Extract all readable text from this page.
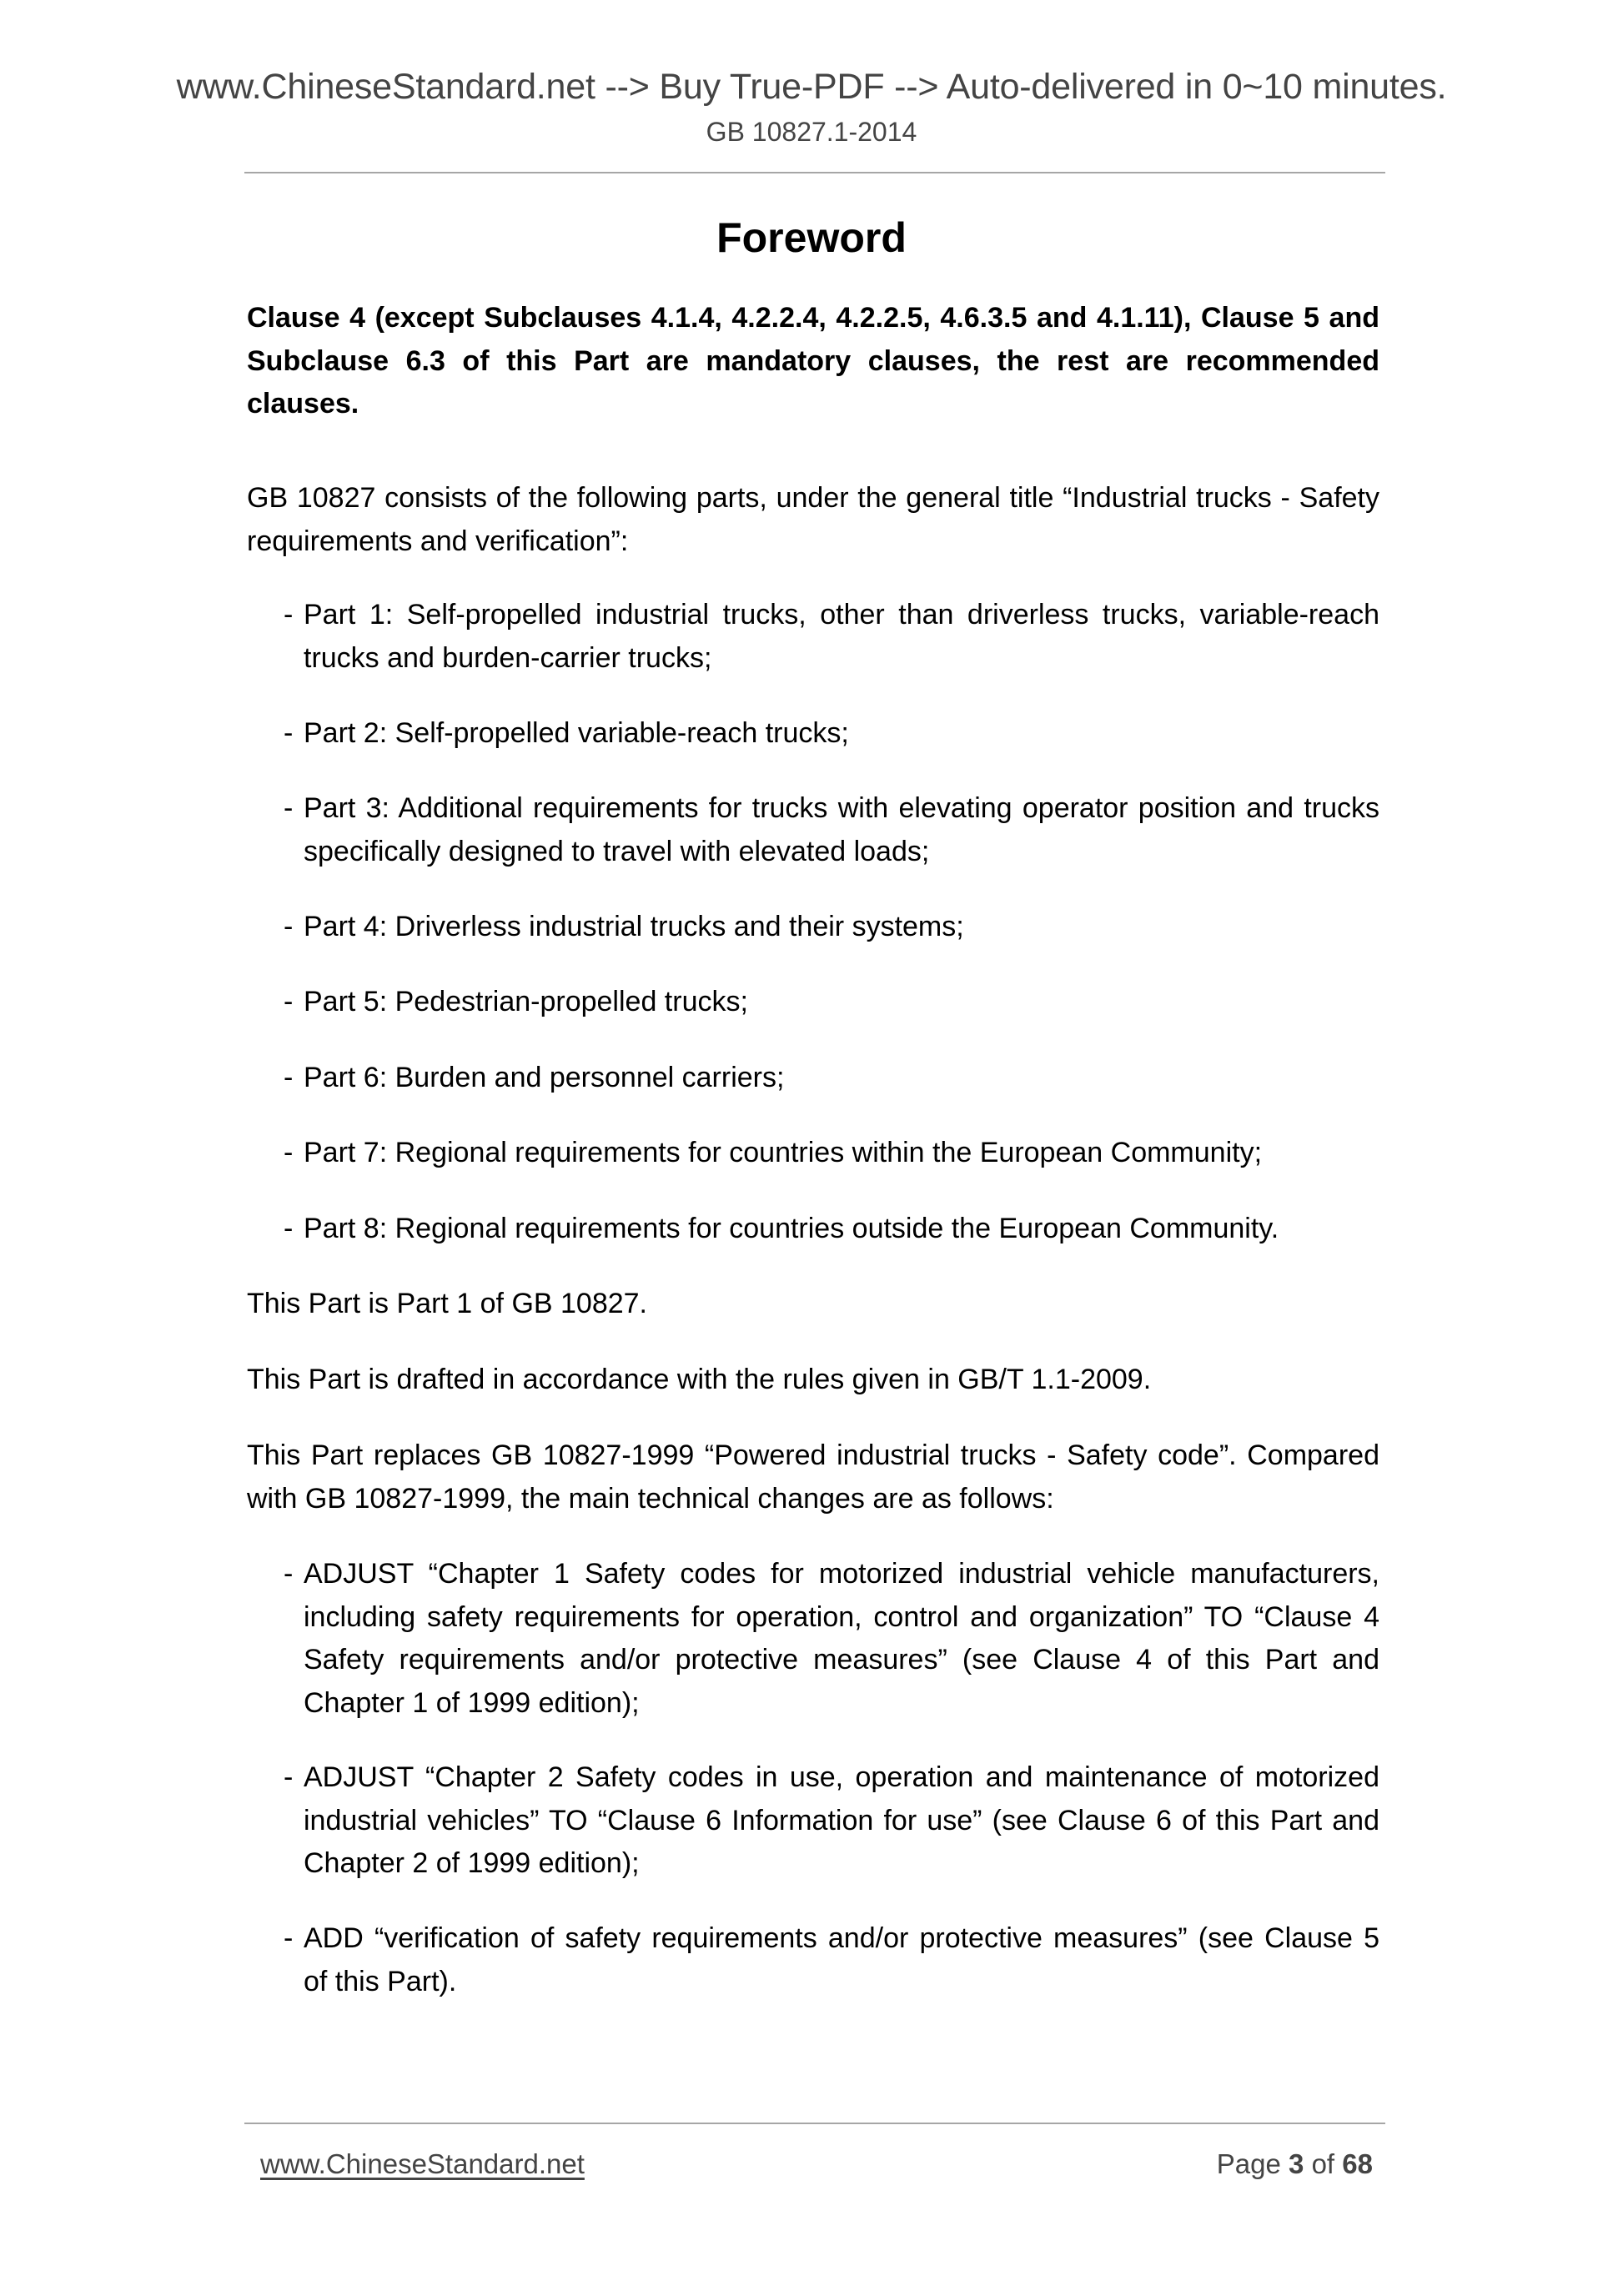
www.ChineseStandard.net --> Buy True-PDF --> Auto-delivered in 0~10 minutes.
GB 10827.1-2014
Foreword

Clause 4 (except Subclauses 4.1.4, 4.2.2.4, 4.2.2.5, 4.6.3.5 and 4.1.11), Clause 5 and Subclause 6.3 of this Part are mandatory clauses, the rest are recommended clauses.

GB 10827 consists of the following parts, under the general title “Industrial trucks - Safety requirements and verification”:

- Part 1: Self-propelled industrial trucks, other than driverless trucks, variable-reach trucks and burden-carrier trucks;

- Part 2: Self-propelled variable-reach trucks;

- Part 3: Additional requirements for trucks with elevating operator position and trucks specifically designed to travel with elevated loads;

- Part 4: Driverless industrial trucks and their systems;

- Part 5: Pedestrian-propelled trucks;

- Part 6: Burden and personnel carriers;

- Part 7: Regional requirements for countries within the European Community;

- Part 8: Regional requirements for countries outside the European Community.

This Part is Part 1 of GB 10827.

This Part is drafted in accordance with the rules given in GB/T 1.1-2009.

This Part replaces GB 10827-1999 “Powered industrial trucks - Safety code”. Compared with GB 10827-1999, the main technical changes are as follows:

- ADJUST “Chapter 1 Safety codes for motorized industrial vehicle manufacturers, including safety requirements for operation, control and organization” TO “Clause 4 Safety requirements and/or protective measures” (see Clause 4 of this Part and Chapter 1 of 1999 edition);

- ADJUST “Chapter 2 Safety codes in use, operation and maintenance of motorized industrial vehicles” TO “Clause 6 Information for use” (see Clause 6 of this Part and Chapter 2 of 1999 edition);

- ADD “verification of safety requirements and/or protective measures” (see Clause 5 of this Part).

www.ChineseStandard.net	Page 3 of 68
